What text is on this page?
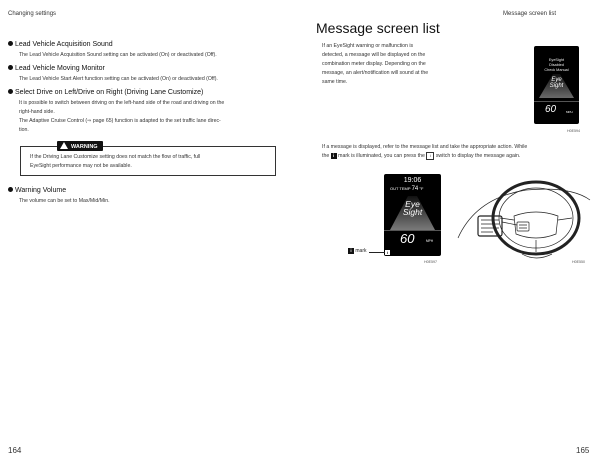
Changing settings
Lead Vehicle Acquisition Sound
The Lead Vehicle Acquisition Sound setting can be activated (On) or deactivated (Off).
Lead Vehicle Moving Monitor
The Lead Vehicle Start Alert function setting can be activated (On) or deactivated (Off).
Select Drive on Left/Drive on Right (Driving Lane Customize)
It is possible to switch between driving on the left-hand side of the road and driving on the
right-hand side.
The Adaptive Cruise Control (⇒ page 65) function is adapted to the set traffic lane direc-
tion.
WARNING
If the Driving Lane Customize setting does not match the flow of traffic, full
EyeSight performance may not be available.
Warning Volume
The volume can be set to Max/Mid/Min.
164
Message screen list
Message screen list
If an EyeSight warning or malfunction is
detected, a message will be displayed on the
combination meter display. Depending on the
message, an alert/notification will sound at the
same time.
EyeSight
Disabled
Check Manual
Eye
Sight
60	MPH
H0E594
If a message is displayed, refer to the message list and take the appropriate action. While
the i mark is illuminated, you can press the i switch to display the message again.
19:06
OUT TEMP 74 °F
Eye
Sight
60	MPH
i
i mark
H0E597	H0E550
165
